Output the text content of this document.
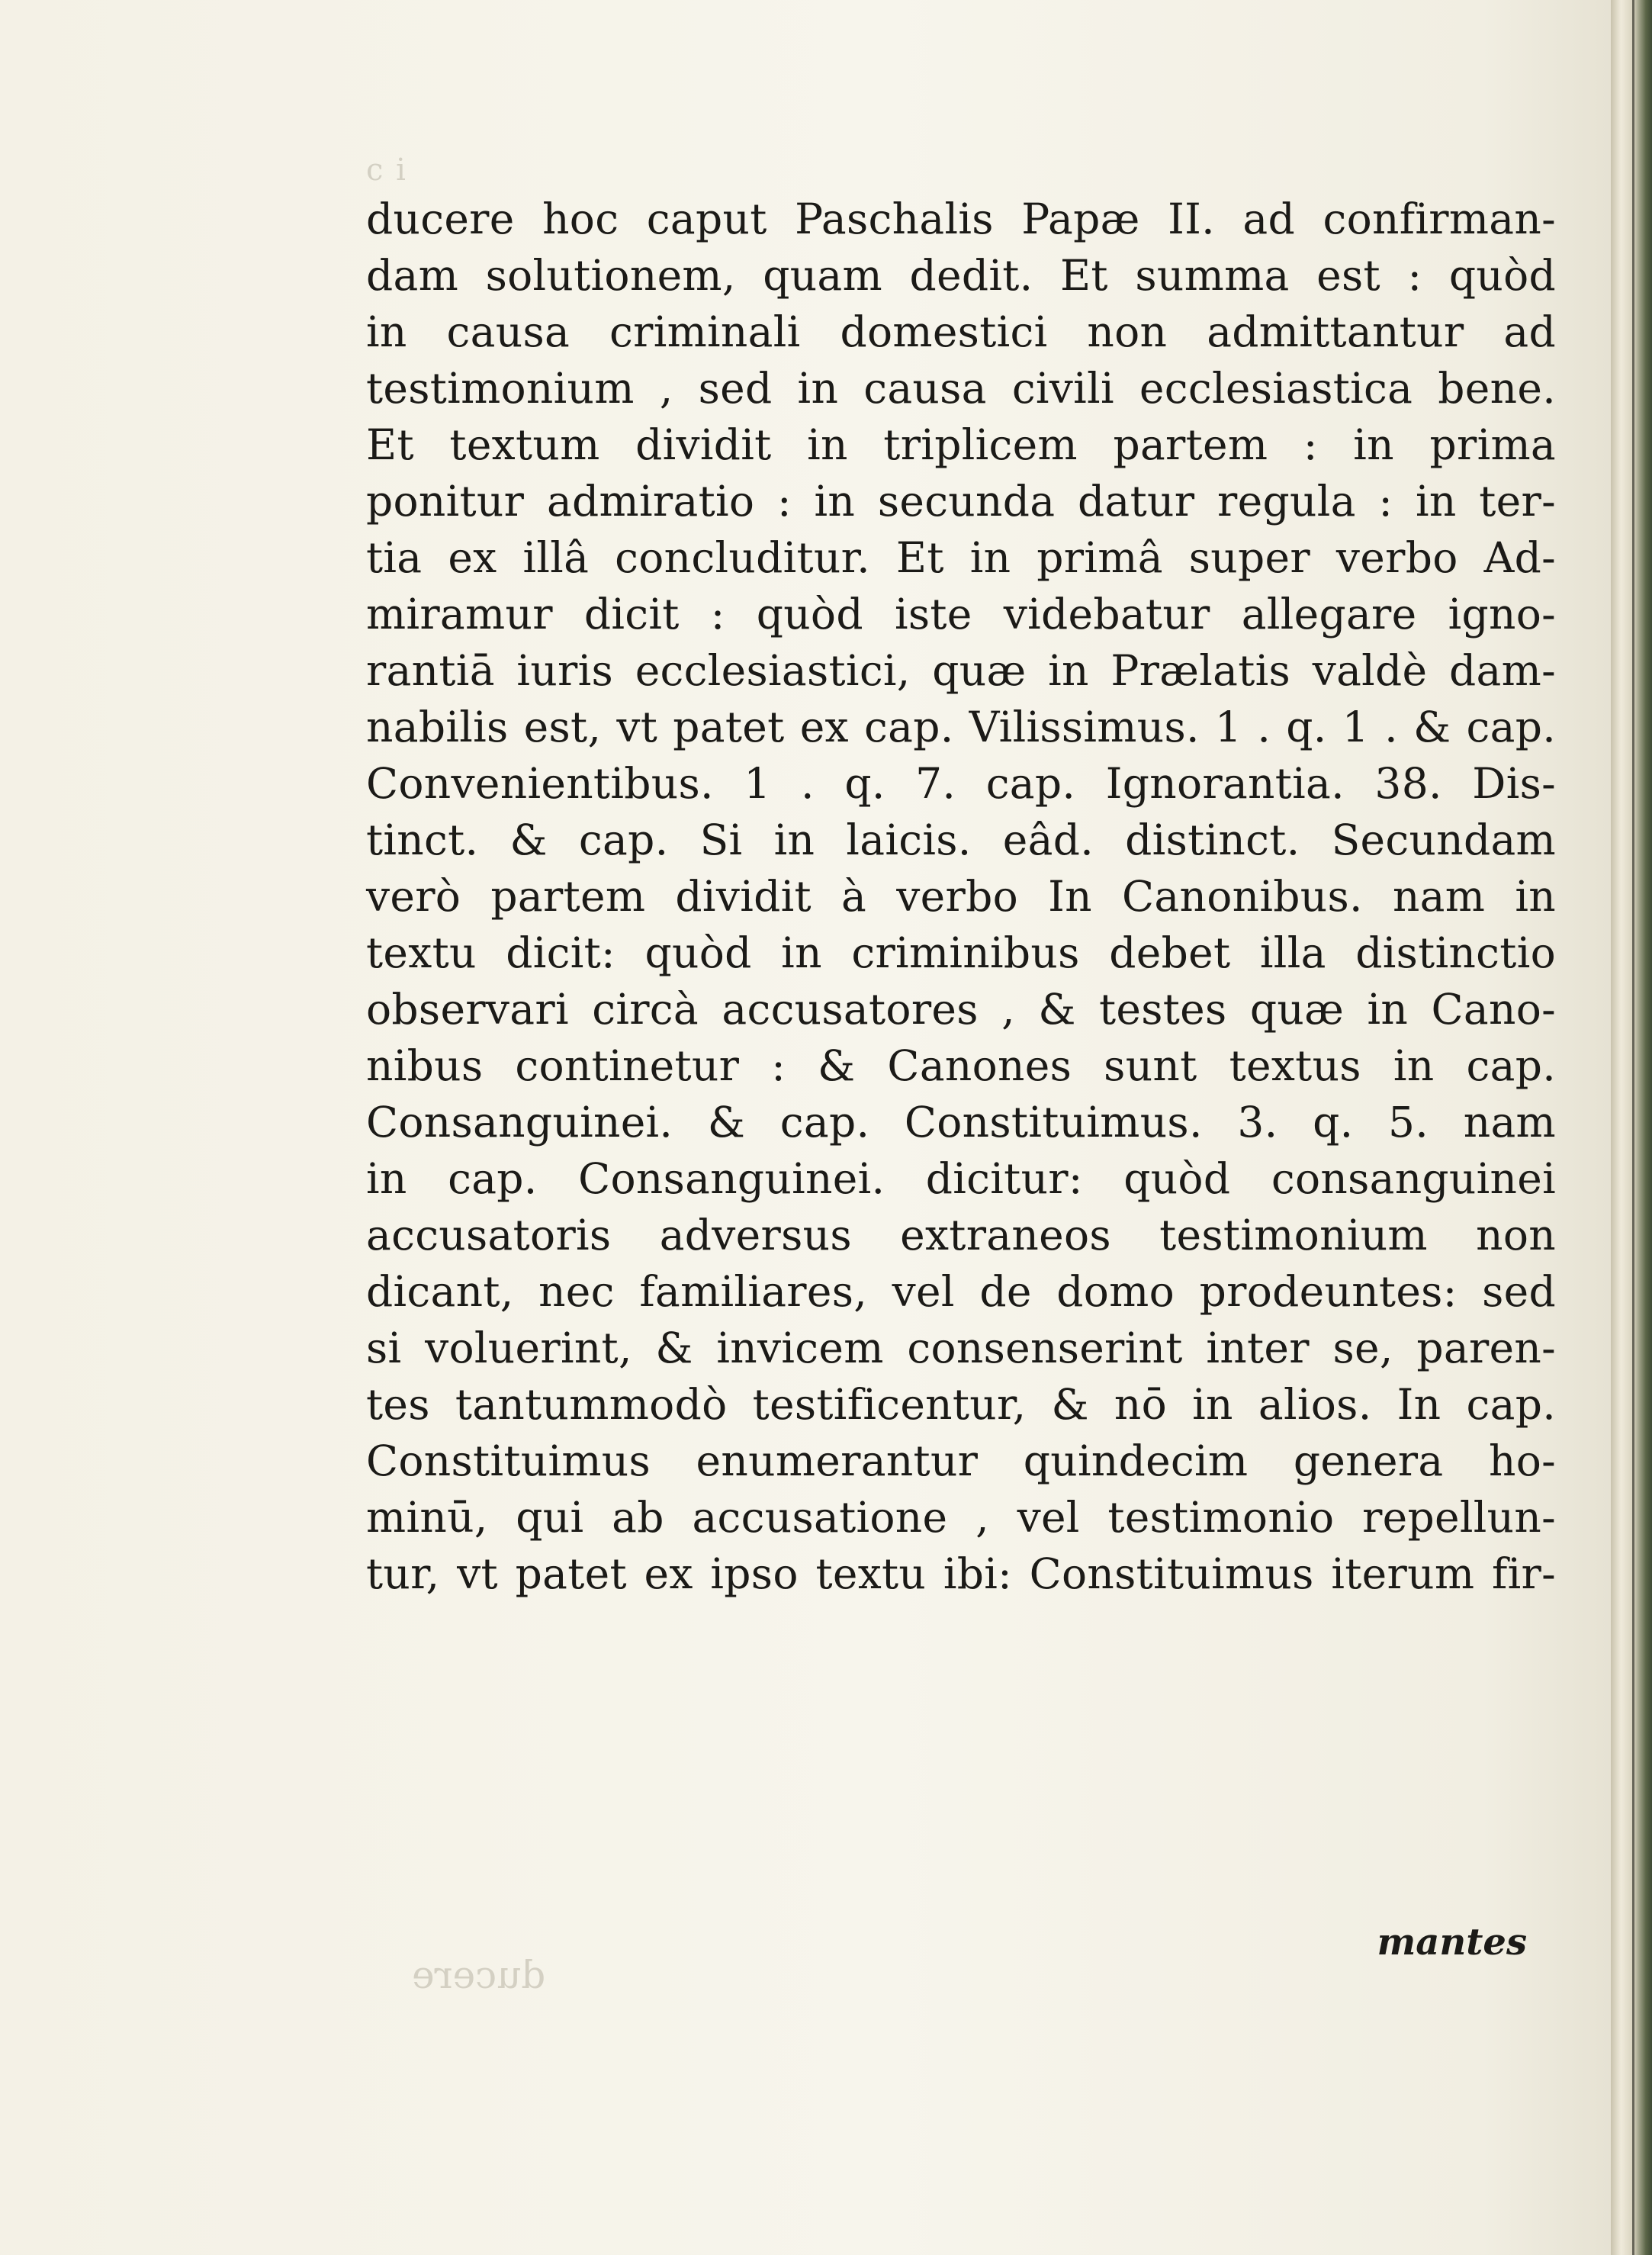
c i
ducere
ducere hoc caput Paschalis Papæ II. ad confirman-
dam solutionem, quam dedit. Et summa est : quòd
in causa criminali domestici non admittantur ad
testimonium , sed in causa civili ecclesiastica bene.
Et textum dividit in triplicem partem : in prima
ponitur admiratio : in secunda datur regula : in ter-
tia ex illâ concluditur. Et in primâ super verbo Ad-
miramur dicit : quòd iste videbatur allegare igno-
rantiā iuris ecclesiastici, quæ in Prælatis valdè dam-
nabilis est, vt patet ex cap. Vilissimus. 1 . q. 1 . & cap.
Convenientibus. 1 . q. 7. cap. Ignorantia. 38. Dis-
tinct. & cap. Si in laicis. eâd. distinct. Secundam
verò partem dividit à verbo In Canonibus. nam in
textu dicit: quòd in criminibus debet illa distinctio
observari circà accusatores , & testes quæ in Cano-
nibus continetur : & Canones sunt textus in cap.
Consanguinei. & cap. Constituimus. 3. q. 5. nam
in cap. Consanguinei. dicitur: quòd consanguinei
accusatoris adversus extraneos testimonium non
dicant, nec familiares, vel de domo prodeuntes: sed
si voluerint, & invicem consenserint inter se, paren-
tes tantummodò testificentur, & nō in alios. In cap.
Constituimus enumerantur quindecim genera ho-
minū, qui ab accusatione , vel testimonio repellun-
tur, vt patet ex ipso textu ibi: Constituimus iterum fir-
mantes
